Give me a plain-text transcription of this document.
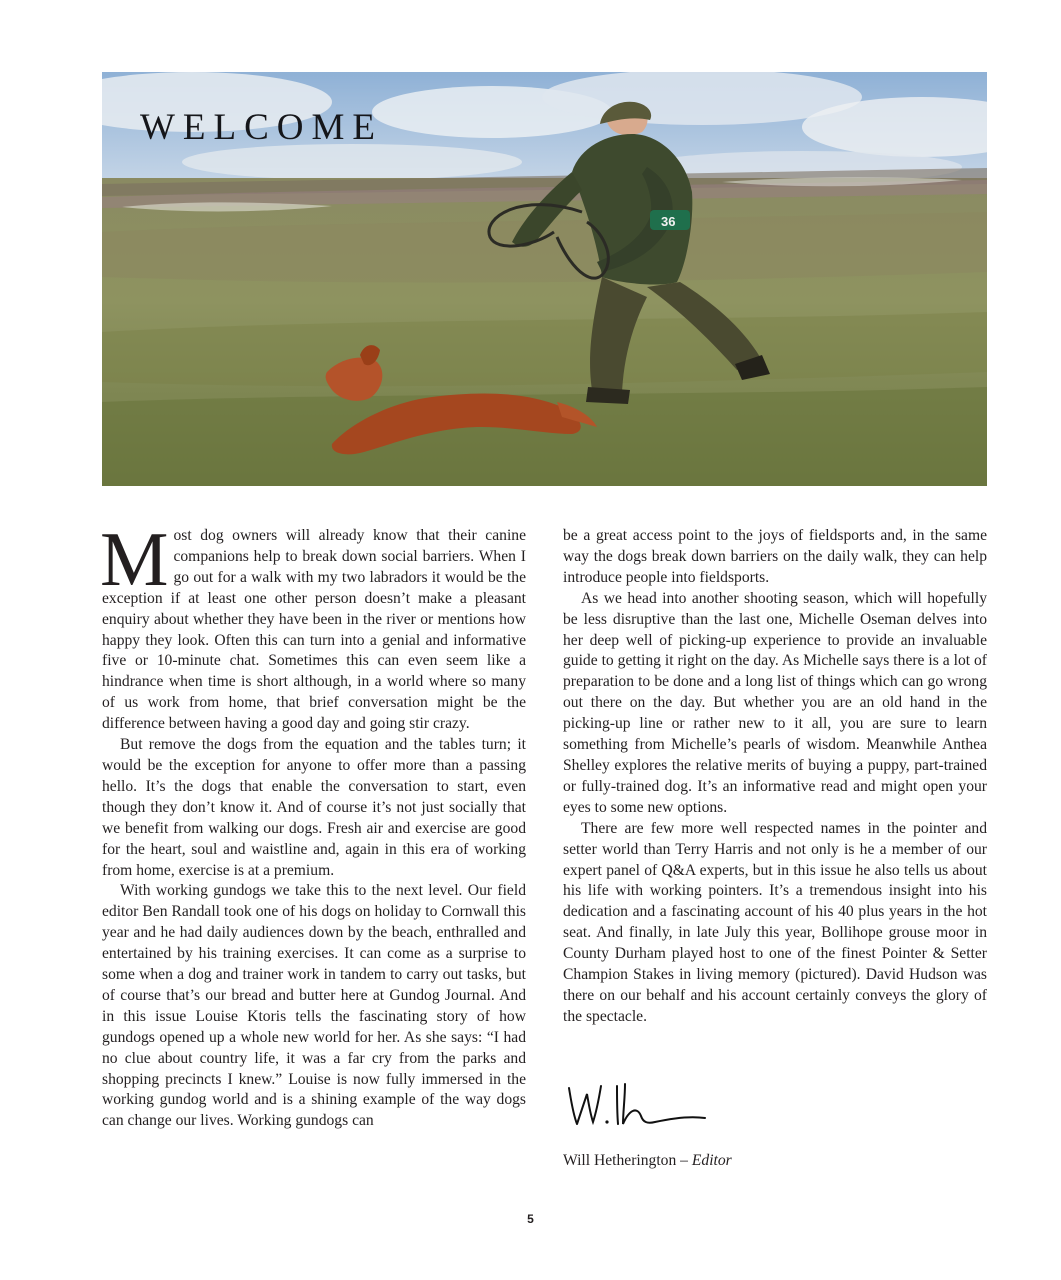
36
WELCOME

Most dog owners will already know that their canine companions help to break down social barriers. When I go out for a walk with my two labradors it would be the exception if at least one other person doesn’t make a pleasant enquiry about whether they have been in the river or mentions how happy they look. Often this can turn into a genial and informative five or 10-minute chat. Sometimes this can even seem like a hindrance when time is short although, in a world where so many of us work from home, that brief conversation might be the difference between having a good day and going stir crazy.

But remove the dogs from the equation and the tables turn; it would be the exception for anyone to offer more than a passing hello. It’s the dogs that enable the conversation to start, even though they don’t know it. And of course it’s not just socially that we benefit from walking our dogs. Fresh air and exercise are good for the heart, soul and waistline and, again in this era of working from home, exercise is at a premium.

With working gundogs we take this to the next level. Our field editor Ben Randall took one of his dogs on holiday to Cornwall this year and he had daily audiences down by the beach, enthralled and entertained by his training exercises. It can come as a surprise to some when a dog and trainer work in tandem to carry out tasks, but of course that’s our bread and butter here at Gundog Journal. And in this issue Louise Ktoris tells the fascinating story of how gundogs opened up a whole new world for her. As she says: “I had no clue about country life, it was a far cry from the parks and shopping precincts I knew.” Louise is now fully immersed in the working gundog world and is a shining example of the way dogs can change our lives. Working gundogs can

be a great access point to the joys of fieldsports and, in the same way the dogs break down barriers on the daily walk, they can help introduce people into fieldsports.

As we head into another shooting season, which will hopefully be less disruptive than the last one, Michelle Oseman delves into her deep well of picking-up experience to provide an invaluable guide to getting it right on the day. As Michelle says there is a lot of preparation to be done and a long list of things which can go wrong out there on the day. But whether you are an old hand in the picking-up line or rather new to it all, you are sure to learn something from Michelle’s pearls of wisdom. Meanwhile Anthea Shelley explores the relative merits of buying a puppy, part-trained or fully-trained dog. It’s an informative read and might open your eyes to some new options.

There are few more well respected names in the pointer and setter world than Terry Harris and not only is he a member of our expert panel of Q&A experts, but in this issue he also tells us about his life with working pointers. It’s a tremendous insight into his dedication and a fascinating account of his 40 plus years in the hot seat. And finally, in late July this year, Bollihope grouse moor in County Durham played host to one of the finest Pointer & Setter Champion Stakes in living memory (pictured). David Hudson was there on our behalf and his account certainly conveys the glory of the spectacle.

Will Hetherington – Editor
5
